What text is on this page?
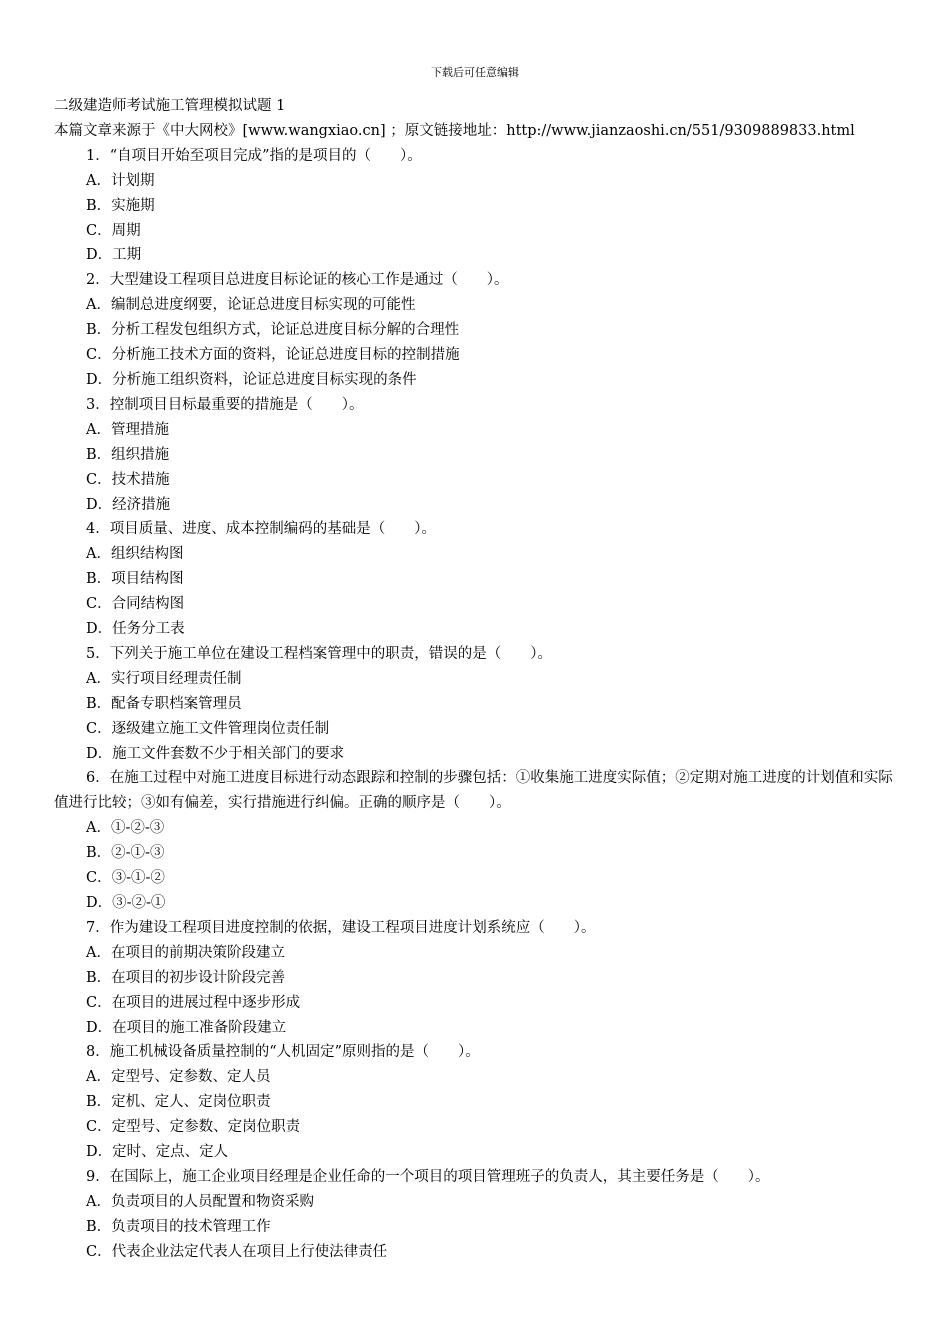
下载后可任意编辑
二级建造师考试施工管理模拟试题 1
本篇文章来源于《中大网校》[www.wangxiao.cn] ；原文链接地址：http://www.jianzaoshi.cn/551/9309889833.html
1．“自项目开始至项目完成”指的是项目的（　　）。
A．计划期
B．实施期
C．周期
D．工期
2．大型建设工程项目总进度目标论证的核心工作是通过（　　）。
A．编制总进度纲要，论证总进度目标实现的可能性
B．分析工程发包组织方式，论证总进度目标分解的合理性
C．分析施工技术方面的资料，论证总进度目标的控制措施
D．分析施工组织资料，论证总进度目标实现的条件
3．控制项目目标最重要的措施是（　　）。
A．管理措施
B．组织措施
C．技术措施
D．经济措施
4．项目质量、进度、成本控制编码的基础是（　　）。
A．组织结构图
B．项目结构图
C．合同结构图
D．任务分工表
5．下列关于施工单位在建设工程档案管理中的职责，错误的是（　　）。
A．实行项目经理责任制
B．配备专职档案管理员
C．逐级建立施工文件管理岗位责任制
D．施工文件套数不少于相关部门的要求
6．在施工过程中对施工进度目标进行动态跟踪和控制的步骤包括：①收集施工进度实际值；②定期对施工进度的计划值和实际值进行比较；③如有偏差，实行措施进行纠偏。正确的顺序是（　　）。
A．①-②-③
B．②-①-③
C．③-①-②
D．③-②-①
7．作为建设工程项目进度控制的依据，建设工程项目进度计划系统应（　　）。
A．在项目的前期决策阶段建立
B．在项目的初步设计阶段完善
C．在项目的进展过程中逐步形成
D．在项目的施工准备阶段建立
8．施工机械设备质量控制的“人机固定”原则指的是（　　）。
A．定型号、定参数、定人员
B．定机、定人、定岗位职责
C．定型号、定参数、定岗位职责
D．定时、定点、定人
9．在国际上，施工企业项目经理是企业任命的一个项目的项目管理班子的负责人，其主要任务是（　　）。
A．负责项目的人员配置和物资采购
B．负责项目的技术管理工作
C．代表企业法定代表人在项目上行使法律责任
